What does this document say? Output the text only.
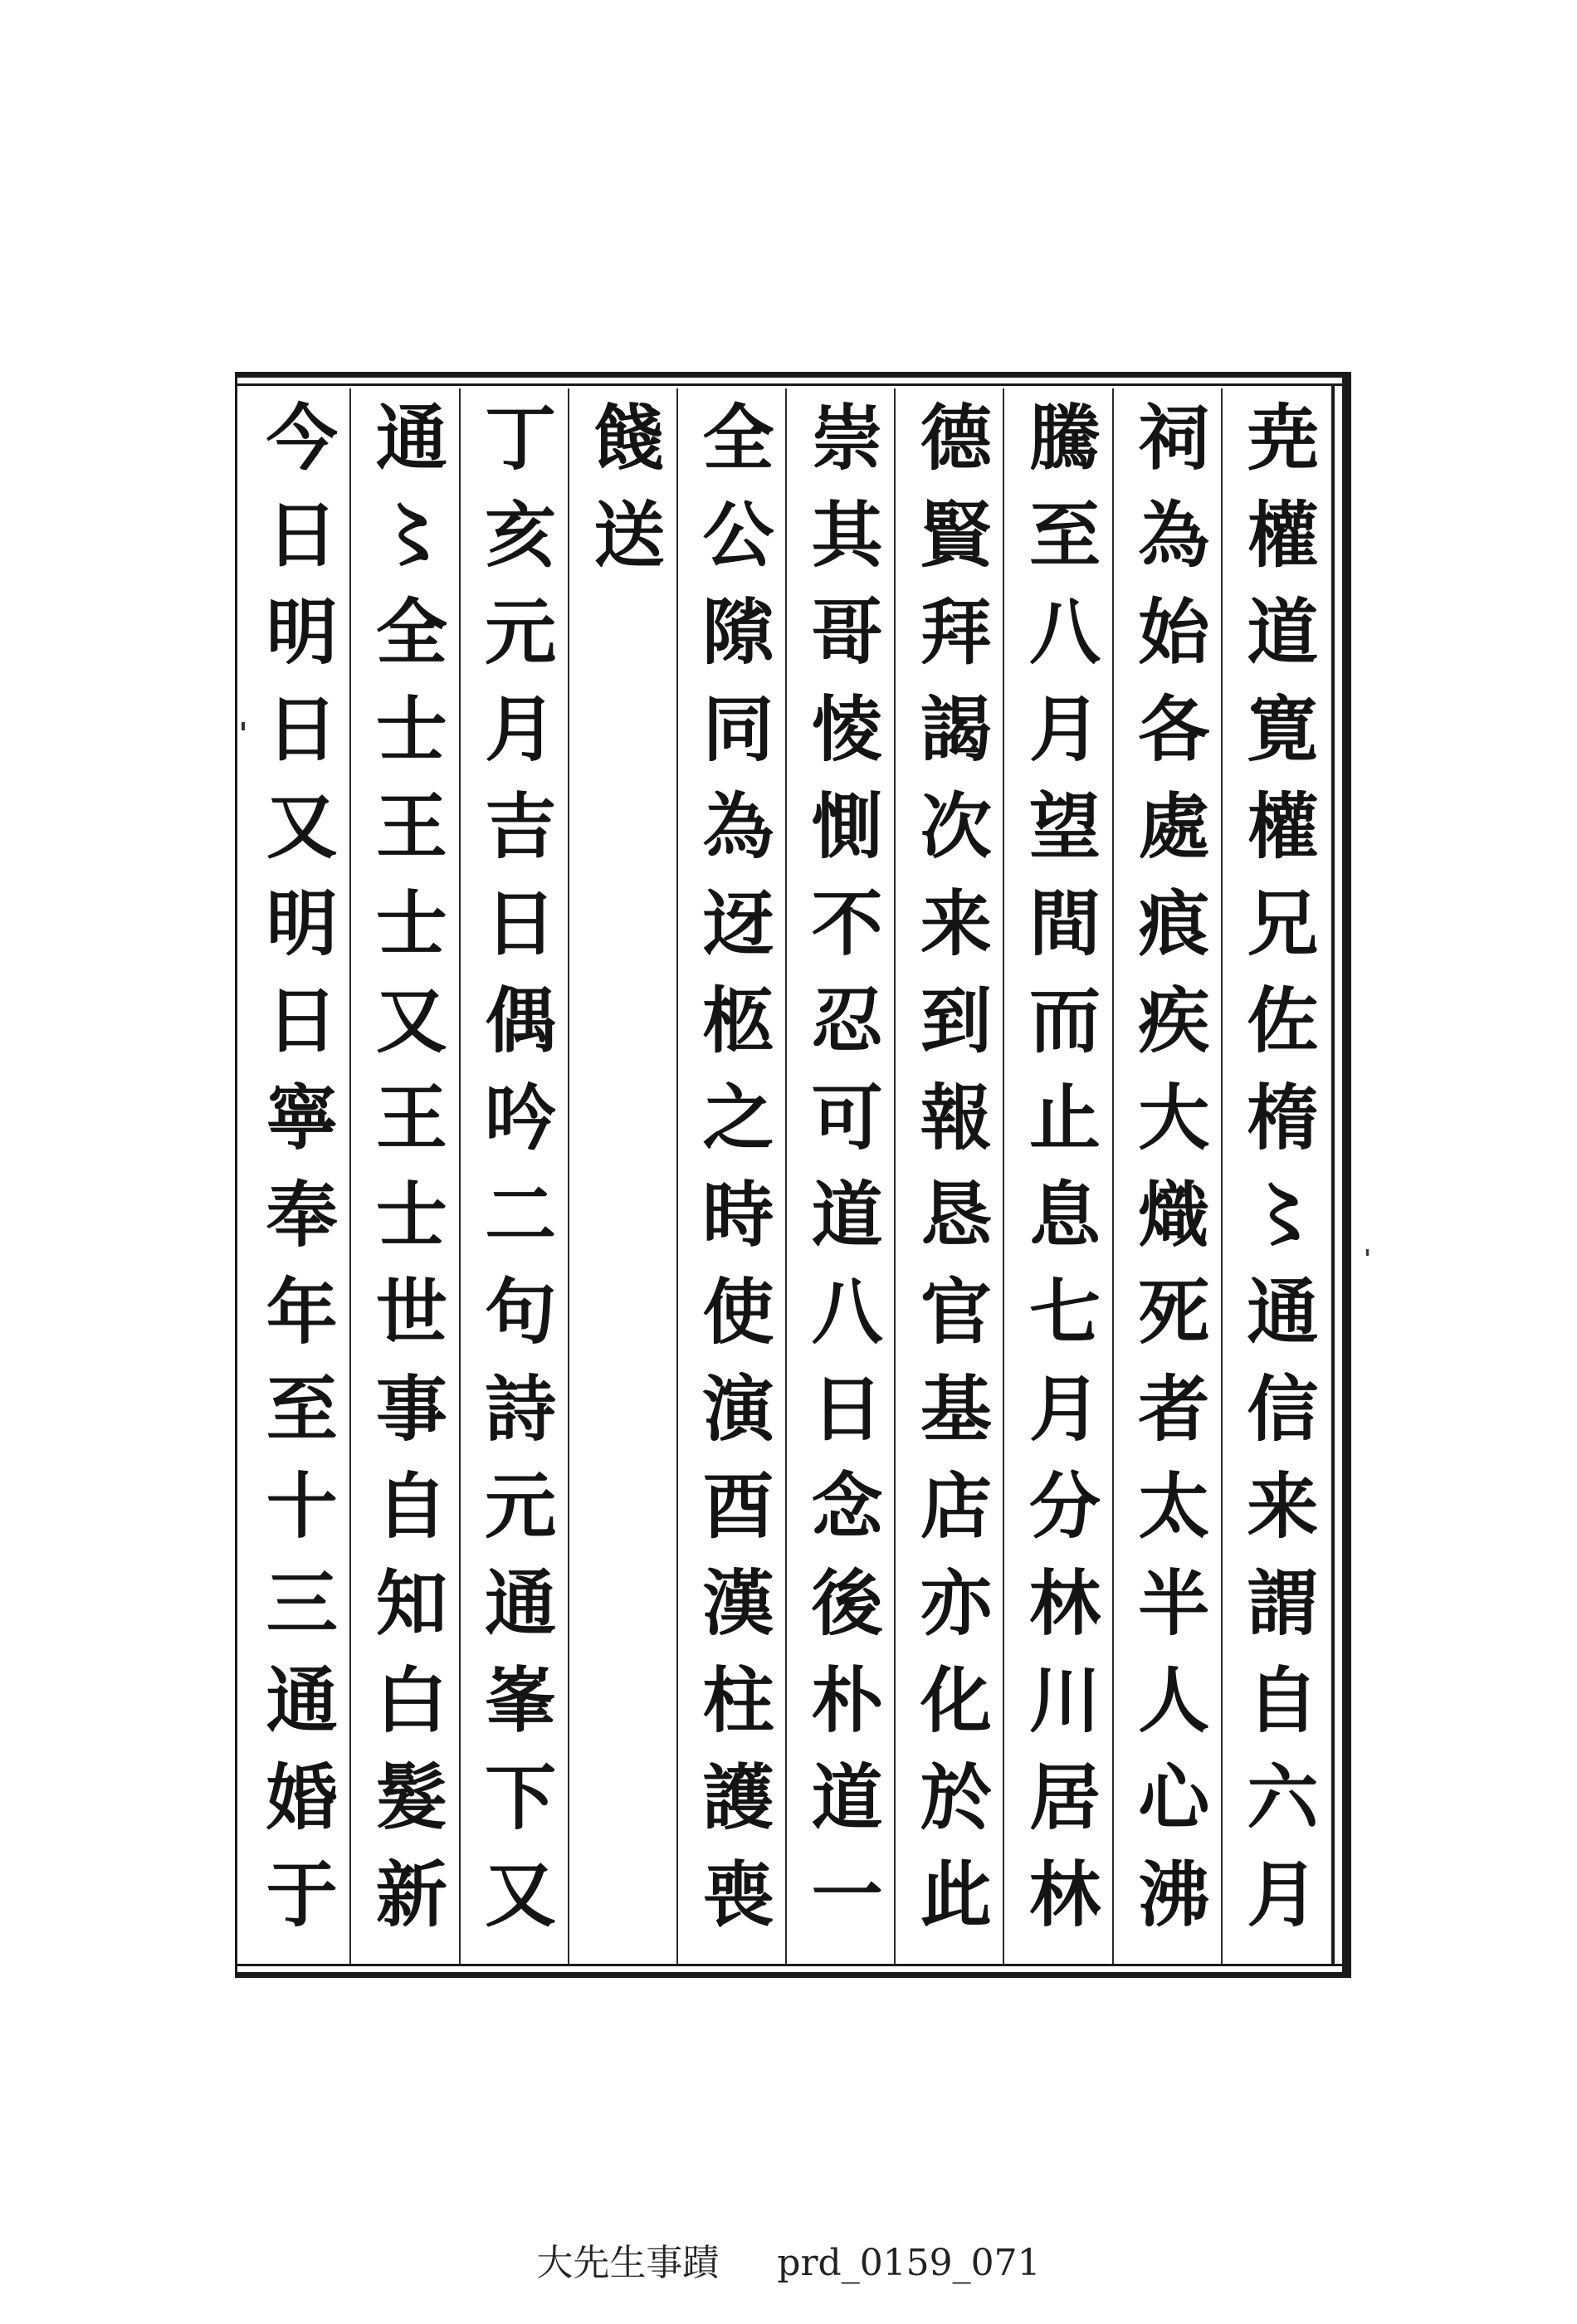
尭權道寛權兄佐楕〻通信来謂自六月
祠為始各處㾗疾大熾死者太半人心沸
騰至八月望間而止息七月分林川居林
德賢拜謁次来到報恳官基店亦化於此
崇其哥㥄惻不忍可道八日念後朴道一
全公𨻶同為迓柩之時使演酉漢柱護喪
餞送
丁亥元月吉日偶吟二句詩元通峯下又
通〻全士王士又王士世事自知白髮新
今日明日又明日寧奉年至十三通婚于
大先生事蹟 prd_0159_071
